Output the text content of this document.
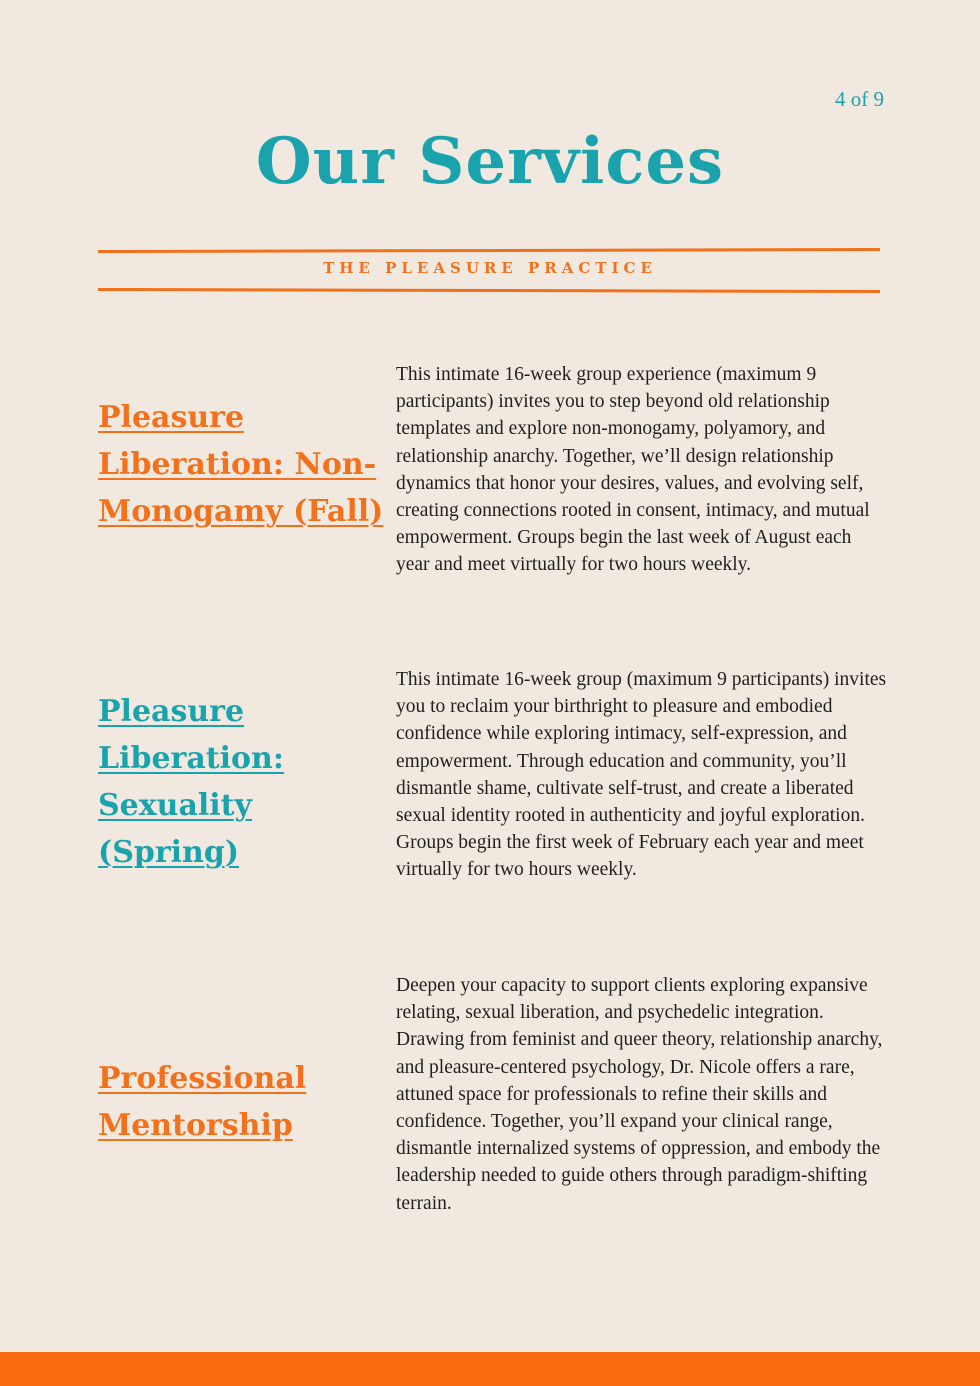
4 of 9
Our Services
THE PLEASURE PRACTICE
Pleasure Liberation: Non-Monogamy (Fall)

This intimate 16-week group experience (maximum 9 participants) invites you to step beyond old relationship templates and explore non-monogamy, polyamory, and relationship anarchy. Together, we’ll design relationship dynamics that honor your desires, values, and evolving self, creating connections rooted in consent, intimacy, and mutual empowerment. Groups begin the last week of August each year and meet virtually for two hours weekly.

Pleasure Liberation: Sexuality (Spring)

This intimate 16-week group (maximum 9 participants) invites you to reclaim your birthright to pleasure and embodied confidence while exploring intimacy, self-expression, and empowerment. Through education and community, you’ll dismantle shame, cultivate self-trust, and create a liberated sexual identity rooted in authenticity and joyful exploration. Groups begin the first week of February each year and meet virtually for two hours weekly.

Professional Mentorship

Deepen your capacity to support clients exploring expansive relating, sexual liberation, and psychedelic integration. Drawing from feminist and queer theory, relationship anarchy, and pleasure-centered psychology, Dr. Nicole offers a rare, attuned space for professionals to refine their skills and confidence. Together, you’ll expand your clinical range, dismantle internalized systems of oppression, and embody the leadership needed to guide others through paradigm-shifting terrain.
